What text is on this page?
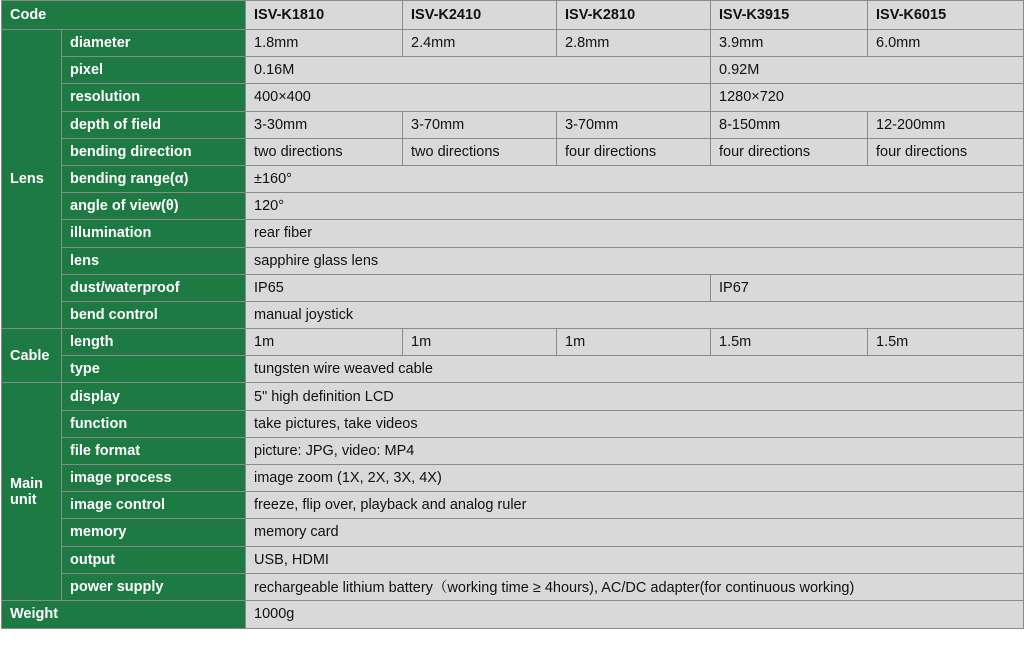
Code		ISV-K1810	ISV-K2410	ISV-K2810	ISV-K3915	ISV-K6015
Lens	diameter	1.8mm	2.4mm	2.8mm	3.9mm	6.0mm
	pixel	0.16M			0.92M	
	resolution	400×400			1280×720	
	depth of field	3-30mm	3-70mm	3-70mm	8-150mm	12-200mm
	bending direction	two directions	two directions	four directions	four directions	four directions
	bending range(α)	±160°				
	angle of view(θ)	120°				
	illumination	rear fiber				
	lens	sapphire glass lens				
	dust/waterproof	IP65			IP67	
	bend control	manual joystick				
Cable	length	1m	1m	1m	1.5m	1.5m
	type	tungsten wire weaved cable				

Main
unit	display	5" high definition LCD				
	function	take pictures, take videos				
	file format	picture: JPG, video: MP4				
	image process	image zoom (1X, 2X, 3X, 4X)				
	image control	freeze, flip over, playback and analog ruler				
	memory	memory card				
	output	USB, HDMI				
	power supply	rechargeable lithium battery（working time ≥ 4hours), AC/DC adapter(for continuous working)				
Weight		1000g				
